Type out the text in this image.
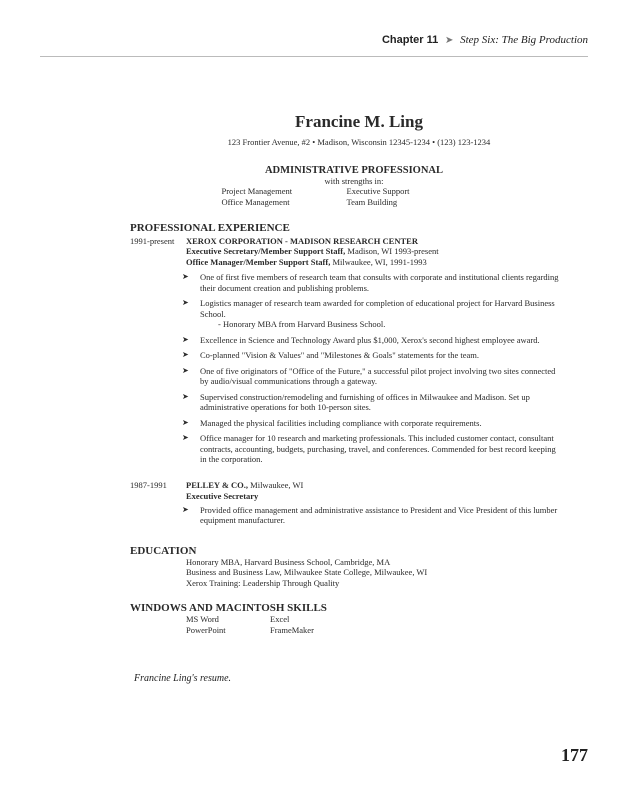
Chapter 11 ➤ Step Six: The Big Production
Francine M. Ling
123 Frontier Avenue, #2 • Madison, Wisconsin 12345-1234 • (123) 123-1234
ADMINISTRATIVE PROFESSIONAL
with strengths in:
Project Management	Executive Support
Office Management	Team Building
PROFESSIONAL EXPERIENCE
1991-present	XEROX CORPORATION - MADISON RESEARCH CENTER
Executive Secretary/Member Support Staff, Madison, WI 1993-present
Office Manager/Member Support Staff, Milwaukee, WI, 1991-1993
➤ One of first five members of research team that consults with corporate and institutional clients regarding their document creation and publishing problems.
➤ Logistics manager of research team awarded for completion of educational project for Harvard Business School.
- Honorary MBA from Harvard Business School.
➤ Excellence in Science and Technology Award plus $1,000, Xerox's second highest employee award.
➤ Co-planned "Vision & Values" and "Milestones & Goals" statements for the team.
➤ One of five originators of "Office of the Future," a successful pilot project involving two sites connected by audio/visual communications through a gateway.
➤ Supervised construction/remodeling and furnishing of offices in Milwaukee and Madison. Set up administrative operations for both 10-person sites.
➤ Managed the physical facilities including compliance with corporate requirements.
➤ Office manager for 10 research and marketing professionals. This included customer contact, consultant contracts, accounting, budgets, purchasing, travel, and conferences. Commended for best record keeping in the corporation.
1987-1991	PELLEY & CO., Milwaukee, WI
Executive Secretary
➤ Provided office management and administrative assistance to President and Vice President of this lumber equipment manufacturer.
EDUCATION
Honorary MBA, Harvard Business School, Cambridge, MA
Business and Business Law, Milwaukee State College, Milwaukee, WI
Xerox Training: Leadership Through Quality
WINDOWS AND MACINTOSH SKILLS
MS Word	Excel
PowerPoint	FrameMaker
Francine Ling's resume.
177
